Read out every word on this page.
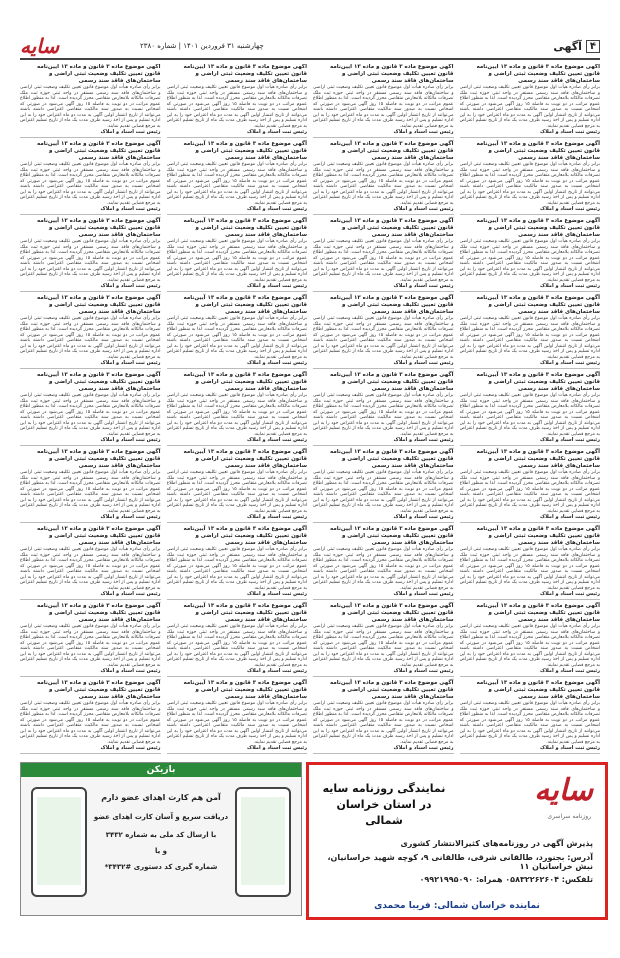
۴
آگهی
چهارشنبه ۳۱ فروردین ۱۴۰۱ | شماره ۲۳۸۰
سایه
آگهی موضوع ماده ۳ قانون و ماده ۱۳ آیین‌نامه قانون تعیین تکلیف وضعیت ثبتی اراضی و ساختمان‌های فاقد سند رسمی
برابر رأی صادره هیأت اول موضوع قانون تعیین تکلیف وضعیت ثبتی اراضی و ساختمان‌های فاقد سند رسمی مستقر در واحد ثبتی حوزه ثبت ملک تصرفات مالکانه بلامعارض متقاضی محرز گردیده است. لذا به منظور اطلاع عموم مراتب در دو نوبت به فاصله ۱۵ روز آگهی می‌شود در صورتی که اشخاص نسبت به صدور سند مالکیت متقاضی اعتراضی داشته باشند می‌توانند از تاریخ انتشار اولین آگهی به مدت دو ماه اعتراض خود را به این اداره تسلیم و پس از اخذ رسید ظرف مدت یک ماه از تاریخ تسلیم اعتراض به مرجع قضایی تقدیم نمایند.
رئیس ثبت اسناد و املاک
آگهی موضوع ماده ۳ قانون و ماده ۱۳ آیین‌نامه قانون تعیین تکلیف وضعیت ثبتی اراضی و ساختمان‌های فاقد سند رسمی
برابر رأی صادره هیأت اول موضوع قانون تعیین تکلیف وضعیت ثبتی اراضی و ساختمان‌های فاقد سند رسمی مستقر در واحد ثبتی حوزه ثبت ملک تصرفات مالکانه بلامعارض متقاضی محرز گردیده است. لذا به منظور اطلاع عموم مراتب در دو نوبت به فاصله ۱۵ روز آگهی می‌شود در صورتی که اشخاص نسبت به صدور سند مالکیت متقاضی اعتراضی داشته باشند می‌توانند از تاریخ انتشار اولین آگهی به مدت دو ماه اعتراض خود را به این اداره تسلیم و پس از اخذ رسید ظرف مدت یک ماه از تاریخ تسلیم اعتراض به مرجع قضایی تقدیم نمایند.
رئیس ثبت اسناد و املاک
آگهی موضوع ماده ۳ قانون و ماده ۱۳ آیین‌نامه قانون تعیین تکلیف وضعیت ثبتی اراضی و ساختمان‌های فاقد سند رسمی
برابر رأی صادره هیأت اول موضوع قانون تعیین تکلیف وضعیت ثبتی اراضی و ساختمان‌های فاقد سند رسمی مستقر در واحد ثبتی حوزه ثبت ملک تصرفات مالکانه بلامعارض متقاضی محرز گردیده است. لذا به منظور اطلاع عموم مراتب در دو نوبت به فاصله ۱۵ روز آگهی می‌شود در صورتی که اشخاص نسبت به صدور سند مالکیت متقاضی اعتراضی داشته باشند می‌توانند از تاریخ انتشار اولین آگهی به مدت دو ماه اعتراض خود را به این اداره تسلیم و پس از اخذ رسید ظرف مدت یک ماه از تاریخ تسلیم اعتراض به مرجع قضایی تقدیم نمایند.
رئیس ثبت اسناد و املاک
آگهی موضوع ماده ۳ قانون و ماده ۱۳ آیین‌نامه قانون تعیین تکلیف وضعیت ثبتی اراضی و ساختمان‌های فاقد سند رسمی
برابر رأی صادره هیأت اول موضوع قانون تعیین تکلیف وضعیت ثبتی اراضی و ساختمان‌های فاقد سند رسمی مستقر در واحد ثبتی حوزه ثبت ملک تصرفات مالکانه بلامعارض متقاضی محرز گردیده است. لذا به منظور اطلاع عموم مراتب در دو نوبت به فاصله ۱۵ روز آگهی می‌شود در صورتی که اشخاص نسبت به صدور سند مالکیت متقاضی اعتراضی داشته باشند می‌توانند از تاریخ انتشار اولین آگهی به مدت دو ماه اعتراض خود را به این اداره تسلیم و پس از اخذ رسید ظرف مدت یک ماه از تاریخ تسلیم اعتراض به مرجع قضایی تقدیم نمایند.
رئیس ثبت اسناد و املاک
آگهی موضوع ماده ۳ قانون و ماده ۱۳ آیین‌نامه قانون تعیین تکلیف وضعیت ثبتی اراضی و ساختمان‌های فاقد سند رسمی
برابر رأی صادره هیأت اول موضوع قانون تعیین تکلیف وضعیت ثبتی اراضی و ساختمان‌های فاقد سند رسمی مستقر در واحد ثبتی حوزه ثبت ملک تصرفات مالکانه بلامعارض متقاضی محرز گردیده است. لذا به منظور اطلاع عموم مراتب در دو نوبت به فاصله ۱۵ روز آگهی می‌شود در صورتی که اشخاص نسبت به صدور سند مالکیت متقاضی اعتراضی داشته باشند می‌توانند از تاریخ انتشار اولین آگهی به مدت دو ماه اعتراض خود را به این اداره تسلیم و پس از اخذ رسید ظرف مدت یک ماه از تاریخ تسلیم اعتراض به مرجع قضایی تقدیم نمایند.
رئیس ثبت اسناد و املاک
آگهی موضوع ماده ۳ قانون و ماده ۱۳ آیین‌نامه قانون تعیین تکلیف وضعیت ثبتی اراضی و ساختمان‌های فاقد سند رسمی
برابر رأی صادره هیأت اول موضوع قانون تعیین تکلیف وضعیت ثبتی اراضی و ساختمان‌های فاقد سند رسمی مستقر در واحد ثبتی حوزه ثبت ملک تصرفات مالکانه بلامعارض متقاضی محرز گردیده است. لذا به منظور اطلاع عموم مراتب در دو نوبت به فاصله ۱۵ روز آگهی می‌شود در صورتی که اشخاص نسبت به صدور سند مالکیت متقاضی اعتراضی داشته باشند می‌توانند از تاریخ انتشار اولین آگهی به مدت دو ماه اعتراض خود را به این اداره تسلیم و پس از اخذ رسید ظرف مدت یک ماه از تاریخ تسلیم اعتراض به مرجع قضایی تقدیم نمایند.
رئیس ثبت اسناد و املاک
آگهی موضوع ماده ۳ قانون و ماده ۱۳ آیین‌نامه قانون تعیین تکلیف وضعیت ثبتی اراضی و ساختمان‌های فاقد سند رسمی
برابر رأی صادره هیأت اول موضوع قانون تعیین تکلیف وضعیت ثبتی اراضی و ساختمان‌های فاقد سند رسمی مستقر در واحد ثبتی حوزه ثبت ملک تصرفات مالکانه بلامعارض متقاضی محرز گردیده است. لذا به منظور اطلاع عموم مراتب در دو نوبت به فاصله ۱۵ روز آگهی می‌شود در صورتی که اشخاص نسبت به صدور سند مالکیت متقاضی اعتراضی داشته باشند می‌توانند از تاریخ انتشار اولین آگهی به مدت دو ماه اعتراض خود را به این اداره تسلیم و پس از اخذ رسید ظرف مدت یک ماه از تاریخ تسلیم اعتراض به مرجع قضایی تقدیم نمایند.
رئیس ثبت اسناد و املاک
آگهی موضوع ماده ۳ قانون و ماده ۱۳ آیین‌نامه قانون تعیین تکلیف وضعیت ثبتی اراضی و ساختمان‌های فاقد سند رسمی
برابر رأی صادره هیأت اول موضوع قانون تعیین تکلیف وضعیت ثبتی اراضی و ساختمان‌های فاقد سند رسمی مستقر در واحد ثبتی حوزه ثبت ملک تصرفات مالکانه بلامعارض متقاضی محرز گردیده است. لذا به منظور اطلاع عموم مراتب در دو نوبت به فاصله ۱۵ روز آگهی می‌شود در صورتی که اشخاص نسبت به صدور سند مالکیت متقاضی اعتراضی داشته باشند می‌توانند از تاریخ انتشار اولین آگهی به مدت دو ماه اعتراض خود را به این اداره تسلیم و پس از اخذ رسید ظرف مدت یک ماه از تاریخ تسلیم اعتراض به مرجع قضایی تقدیم نمایند.
رئیس ثبت اسناد و املاک
آگهی موضوع ماده ۳ قانون و ماده ۱۳ آیین‌نامه قانون تعیین تکلیف وضعیت ثبتی اراضی و ساختمان‌های فاقد سند رسمی
برابر رأی صادره هیأت اول موضوع قانون تعیین تکلیف وضعیت ثبتی اراضی و ساختمان‌های فاقد سند رسمی مستقر در واحد ثبتی حوزه ثبت ملک تصرفات مالکانه بلامعارض متقاضی محرز گردیده است. لذا به منظور اطلاع عموم مراتب در دو نوبت به فاصله ۱۵ روز آگهی می‌شود در صورتی که اشخاص نسبت به صدور سند مالکیت متقاضی اعتراضی داشته باشند می‌توانند از تاریخ انتشار اولین آگهی به مدت دو ماه اعتراض خود را به این اداره تسلیم و پس از اخذ رسید ظرف مدت یک ماه از تاریخ تسلیم اعتراض به مرجع قضایی تقدیم نمایند.
رئیس ثبت اسناد و املاک
آگهی موضوع ماده ۳ قانون و ماده ۱۳ آیین‌نامه قانون تعیین تکلیف وضعیت ثبتی اراضی و ساختمان‌های فاقد سند رسمی
برابر رأی صادره هیأت اول موضوع قانون تعیین تکلیف وضعیت ثبتی اراضی و ساختمان‌های فاقد سند رسمی مستقر در واحد ثبتی حوزه ثبت ملک تصرفات مالکانه بلامعارض متقاضی محرز گردیده است. لذا به منظور اطلاع عموم مراتب در دو نوبت به فاصله ۱۵ روز آگهی می‌شود در صورتی که اشخاص نسبت به صدور سند مالکیت متقاضی اعتراضی داشته باشند می‌توانند از تاریخ انتشار اولین آگهی به مدت دو ماه اعتراض خود را به این اداره تسلیم و پس از اخذ رسید ظرف مدت یک ماه از تاریخ تسلیم اعتراض به مرجع قضایی تقدیم نمایند.
رئیس ثبت اسناد و املاک
آگهی موضوع ماده ۳ قانون و ماده ۱۳ آیین‌نامه قانون تعیین تکلیف وضعیت ثبتی اراضی و ساختمان‌های فاقد سند رسمی
برابر رأی صادره هیأت اول موضوع قانون تعیین تکلیف وضعیت ثبتی اراضی و ساختمان‌های فاقد سند رسمی مستقر در واحد ثبتی حوزه ثبت ملک تصرفات مالکانه بلامعارض متقاضی محرز گردیده است. لذا به منظور اطلاع عموم مراتب در دو نوبت به فاصله ۱۵ روز آگهی می‌شود در صورتی که اشخاص نسبت به صدور سند مالکیت متقاضی اعتراضی داشته باشند می‌توانند از تاریخ انتشار اولین آگهی به مدت دو ماه اعتراض خود را به این اداره تسلیم و پس از اخذ رسید ظرف مدت یک ماه از تاریخ تسلیم اعتراض به مرجع قضایی تقدیم نمایند.
رئیس ثبت اسناد و املاک
آگهی موضوع ماده ۳ قانون و ماده ۱۳ آیین‌نامه قانون تعیین تکلیف وضعیت ثبتی اراضی و ساختمان‌های فاقد سند رسمی
برابر رأی صادره هیأت اول موضوع قانون تعیین تکلیف وضعیت ثبتی اراضی و ساختمان‌های فاقد سند رسمی مستقر در واحد ثبتی حوزه ثبت ملک تصرفات مالکانه بلامعارض متقاضی محرز گردیده است. لذا به منظور اطلاع عموم مراتب در دو نوبت به فاصله ۱۵ روز آگهی می‌شود در صورتی که اشخاص نسبت به صدور سند مالکیت متقاضی اعتراضی داشته باشند می‌توانند از تاریخ انتشار اولین آگهی به مدت دو ماه اعتراض خود را به این اداره تسلیم و پس از اخذ رسید ظرف مدت یک ماه از تاریخ تسلیم اعتراض به مرجع قضایی تقدیم نمایند.
رئیس ثبت اسناد و املاک
آگهی موضوع ماده ۳ قانون و ماده ۱۳ آیین‌نامه قانون تعیین تکلیف وضعیت ثبتی اراضی و ساختمان‌های فاقد سند رسمی
برابر رأی صادره هیأت اول موضوع قانون تعیین تکلیف وضعیت ثبتی اراضی و ساختمان‌های فاقد سند رسمی مستقر در واحد ثبتی حوزه ثبت ملک تصرفات مالکانه بلامعارض متقاضی محرز گردیده است. لذا به منظور اطلاع عموم مراتب در دو نوبت به فاصله ۱۵ روز آگهی می‌شود در صورتی که اشخاص نسبت به صدور سند مالکیت متقاضی اعتراضی داشته باشند می‌توانند از تاریخ انتشار اولین آگهی به مدت دو ماه اعتراض خود را به این اداره تسلیم و پس از اخذ رسید ظرف مدت یک ماه از تاریخ تسلیم اعتراض به مرجع قضایی تقدیم نمایند.
رئیس ثبت اسناد و املاک
آگهی موضوع ماده ۳ قانون و ماده ۱۳ آیین‌نامه قانون تعیین تکلیف وضعیت ثبتی اراضی و ساختمان‌های فاقد سند رسمی
برابر رأی صادره هیأت اول موضوع قانون تعیین تکلیف وضعیت ثبتی اراضی و ساختمان‌های فاقد سند رسمی مستقر در واحد ثبتی حوزه ثبت ملک تصرفات مالکانه بلامعارض متقاضی محرز گردیده است. لذا به منظور اطلاع عموم مراتب در دو نوبت به فاصله ۱۵ روز آگهی می‌شود در صورتی که اشخاص نسبت به صدور سند مالکیت متقاضی اعتراضی داشته باشند می‌توانند از تاریخ انتشار اولین آگهی به مدت دو ماه اعتراض خود را به این اداره تسلیم و پس از اخذ رسید ظرف مدت یک ماه از تاریخ تسلیم اعتراض به مرجع قضایی تقدیم نمایند.
رئیس ثبت اسناد و املاک
آگهی موضوع ماده ۳ قانون و ماده ۱۳ آیین‌نامه قانون تعیین تکلیف وضعیت ثبتی اراضی و ساختمان‌های فاقد سند رسمی
برابر رأی صادره هیأت اول موضوع قانون تعیین تکلیف وضعیت ثبتی اراضی و ساختمان‌های فاقد سند رسمی مستقر در واحد ثبتی حوزه ثبت ملک تصرفات مالکانه بلامعارض متقاضی محرز گردیده است. لذا به منظور اطلاع عموم مراتب در دو نوبت به فاصله ۱۵ روز آگهی می‌شود در صورتی که اشخاص نسبت به صدور سند مالکیت متقاضی اعتراضی داشته باشند می‌توانند از تاریخ انتشار اولین آگهی به مدت دو ماه اعتراض خود را به این اداره تسلیم و پس از اخذ رسید ظرف مدت یک ماه از تاریخ تسلیم اعتراض به مرجع قضایی تقدیم نمایند.
رئیس ثبت اسناد و املاک
آگهی موضوع ماده ۳ قانون و ماده ۱۳ آیین‌نامه قانون تعیین تکلیف وضعیت ثبتی اراضی و ساختمان‌های فاقد سند رسمی
برابر رأی صادره هیأت اول موضوع قانون تعیین تکلیف وضعیت ثبتی اراضی و ساختمان‌های فاقد سند رسمی مستقر در واحد ثبتی حوزه ثبت ملک تصرفات مالکانه بلامعارض متقاضی محرز گردیده است. لذا به منظور اطلاع عموم مراتب در دو نوبت به فاصله ۱۵ روز آگهی می‌شود در صورتی که اشخاص نسبت به صدور سند مالکیت متقاضی اعتراضی داشته باشند می‌توانند از تاریخ انتشار اولین آگهی به مدت دو ماه اعتراض خود را به این اداره تسلیم و پس از اخذ رسید ظرف مدت یک ماه از تاریخ تسلیم اعتراض به مرجع قضایی تقدیم نمایند.
رئیس ثبت اسناد و املاک
آگهی موضوع ماده ۳ قانون و ماده ۱۳ آیین‌نامه قانون تعیین تکلیف وضعیت ثبتی اراضی و ساختمان‌های فاقد سند رسمی
برابر رأی صادره هیأت اول موضوع قانون تعیین تکلیف وضعیت ثبتی اراضی و ساختمان‌های فاقد سند رسمی مستقر در واحد ثبتی حوزه ثبت ملک تصرفات مالکانه بلامعارض متقاضی محرز گردیده است. لذا به منظور اطلاع عموم مراتب در دو نوبت به فاصله ۱۵ روز آگهی می‌شود در صورتی که اشخاص نسبت به صدور سند مالکیت متقاضی اعتراضی داشته باشند می‌توانند از تاریخ انتشار اولین آگهی به مدت دو ماه اعتراض خود را به این اداره تسلیم و پس از اخذ رسید ظرف مدت یک ماه از تاریخ تسلیم اعتراض به مرجع قضایی تقدیم نمایند.
رئیس ثبت اسناد و املاک
آگهی موضوع ماده ۳ قانون و ماده ۱۳ آیین‌نامه قانون تعیین تکلیف وضعیت ثبتی اراضی و ساختمان‌های فاقد سند رسمی
برابر رأی صادره هیأت اول موضوع قانون تعیین تکلیف وضعیت ثبتی اراضی و ساختمان‌های فاقد سند رسمی مستقر در واحد ثبتی حوزه ثبت ملک تصرفات مالکانه بلامعارض متقاضی محرز گردیده است. لذا به منظور اطلاع عموم مراتب در دو نوبت به فاصله ۱۵ روز آگهی می‌شود در صورتی که اشخاص نسبت به صدور سند مالکیت متقاضی اعتراضی داشته باشند می‌توانند از تاریخ انتشار اولین آگهی به مدت دو ماه اعتراض خود را به این اداره تسلیم و پس از اخذ رسید ظرف مدت یک ماه از تاریخ تسلیم اعتراض به مرجع قضایی تقدیم نمایند.
رئیس ثبت اسناد و املاک
آگهی موضوع ماده ۳ قانون و ماده ۱۳ آیین‌نامه قانون تعیین تکلیف وضعیت ثبتی اراضی و ساختمان‌های فاقد سند رسمی
برابر رأی صادره هیأت اول موضوع قانون تعیین تکلیف وضعیت ثبتی اراضی و ساختمان‌های فاقد سند رسمی مستقر در واحد ثبتی حوزه ثبت ملک تصرفات مالکانه بلامعارض متقاضی محرز گردیده است. لذا به منظور اطلاع عموم مراتب در دو نوبت به فاصله ۱۵ روز آگهی می‌شود در صورتی که اشخاص نسبت به صدور سند مالکیت متقاضی اعتراضی داشته باشند می‌توانند از تاریخ انتشار اولین آگهی به مدت دو ماه اعتراض خود را به این اداره تسلیم و پس از اخذ رسید ظرف مدت یک ماه از تاریخ تسلیم اعتراض به مرجع قضایی تقدیم نمایند.
رئیس ثبت اسناد و املاک
آگهی موضوع ماده ۳ قانون و ماده ۱۳ آیین‌نامه قانون تعیین تکلیف وضعیت ثبتی اراضی و ساختمان‌های فاقد سند رسمی
برابر رأی صادره هیأت اول موضوع قانون تعیین تکلیف وضعیت ثبتی اراضی و ساختمان‌های فاقد سند رسمی مستقر در واحد ثبتی حوزه ثبت ملک تصرفات مالکانه بلامعارض متقاضی محرز گردیده است. لذا به منظور اطلاع عموم مراتب در دو نوبت به فاصله ۱۵ روز آگهی می‌شود در صورتی که اشخاص نسبت به صدور سند مالکیت متقاضی اعتراضی داشته باشند می‌توانند از تاریخ انتشار اولین آگهی به مدت دو ماه اعتراض خود را به این اداره تسلیم و پس از اخذ رسید ظرف مدت یک ماه از تاریخ تسلیم اعتراض به مرجع قضایی تقدیم نمایند.
رئیس ثبت اسناد و املاک
آگهی موضوع ماده ۳ قانون و ماده ۱۳ آیین‌نامه قانون تعیین تکلیف وضعیت ثبتی اراضی و ساختمان‌های فاقد سند رسمی
برابر رأی صادره هیأت اول موضوع قانون تعیین تکلیف وضعیت ثبتی اراضی و ساختمان‌های فاقد سند رسمی مستقر در واحد ثبتی حوزه ثبت ملک تصرفات مالکانه بلامعارض متقاضی محرز گردیده است. لذا به منظور اطلاع عموم مراتب در دو نوبت به فاصله ۱۵ روز آگهی می‌شود در صورتی که اشخاص نسبت به صدور سند مالکیت متقاضی اعتراضی داشته باشند می‌توانند از تاریخ انتشار اولین آگهی به مدت دو ماه اعتراض خود را به این اداره تسلیم و پس از اخذ رسید ظرف مدت یک ماه از تاریخ تسلیم اعتراض به مرجع قضایی تقدیم نمایند.
رئیس ثبت اسناد و املاک
آگهی موضوع ماده ۳ قانون و ماده ۱۳ آیین‌نامه قانون تعیین تکلیف وضعیت ثبتی اراضی و ساختمان‌های فاقد سند رسمی
برابر رأی صادره هیأت اول موضوع قانون تعیین تکلیف وضعیت ثبتی اراضی و ساختمان‌های فاقد سند رسمی مستقر در واحد ثبتی حوزه ثبت ملک تصرفات مالکانه بلامعارض متقاضی محرز گردیده است. لذا به منظور اطلاع عموم مراتب در دو نوبت به فاصله ۱۵ روز آگهی می‌شود در صورتی که اشخاص نسبت به صدور سند مالکیت متقاضی اعتراضی داشته باشند می‌توانند از تاریخ انتشار اولین آگهی به مدت دو ماه اعتراض خود را به این اداره تسلیم و پس از اخذ رسید ظرف مدت یک ماه از تاریخ تسلیم اعتراض به مرجع قضایی تقدیم نمایند.
رئیس ثبت اسناد و املاک
آگهی موضوع ماده ۳ قانون و ماده ۱۳ آیین‌نامه قانون تعیین تکلیف وضعیت ثبتی اراضی و ساختمان‌های فاقد سند رسمی
برابر رأی صادره هیأت اول موضوع قانون تعیین تکلیف وضعیت ثبتی اراضی و ساختمان‌های فاقد سند رسمی مستقر در واحد ثبتی حوزه ثبت ملک تصرفات مالکانه بلامعارض متقاضی محرز گردیده است. لذا به منظور اطلاع عموم مراتب در دو نوبت به فاصله ۱۵ روز آگهی می‌شود در صورتی که اشخاص نسبت به صدور سند مالکیت متقاضی اعتراضی داشته باشند می‌توانند از تاریخ انتشار اولین آگهی به مدت دو ماه اعتراض خود را به این اداره تسلیم و پس از اخذ رسید ظرف مدت یک ماه از تاریخ تسلیم اعتراض به مرجع قضایی تقدیم نمایند.
رئیس ثبت اسناد و املاک
آگهی موضوع ماده ۳ قانون و ماده ۱۳ آیین‌نامه قانون تعیین تکلیف وضعیت ثبتی اراضی و ساختمان‌های فاقد سند رسمی
برابر رأی صادره هیأت اول موضوع قانون تعیین تکلیف وضعیت ثبتی اراضی و ساختمان‌های فاقد سند رسمی مستقر در واحد ثبتی حوزه ثبت ملک تصرفات مالکانه بلامعارض متقاضی محرز گردیده است. لذا به منظور اطلاع عموم مراتب در دو نوبت به فاصله ۱۵ روز آگهی می‌شود در صورتی که اشخاص نسبت به صدور سند مالکیت متقاضی اعتراضی داشته باشند می‌توانند از تاریخ انتشار اولین آگهی به مدت دو ماه اعتراض خود را به این اداره تسلیم و پس از اخذ رسید ظرف مدت یک ماه از تاریخ تسلیم اعتراض به مرجع قضایی تقدیم نمایند.
رئیس ثبت اسناد و املاک
آگهی موضوع ماده ۳ قانون و ماده ۱۳ آیین‌نامه قانون تعیین تکلیف وضعیت ثبتی اراضی و ساختمان‌های فاقد سند رسمی
برابر رأی صادره هیأت اول موضوع قانون تعیین تکلیف وضعیت ثبتی اراضی و ساختمان‌های فاقد سند رسمی مستقر در واحد ثبتی حوزه ثبت ملک تصرفات مالکانه بلامعارض متقاضی محرز گردیده است. لذا به منظور اطلاع عموم مراتب در دو نوبت به فاصله ۱۵ روز آگهی می‌شود در صورتی که اشخاص نسبت به صدور سند مالکیت متقاضی اعتراضی داشته باشند می‌توانند از تاریخ انتشار اولین آگهی به مدت دو ماه اعتراض خود را به این اداره تسلیم و پس از اخذ رسید ظرف مدت یک ماه از تاریخ تسلیم اعتراض به مرجع قضایی تقدیم نمایند.
رئیس ثبت اسناد و املاک
آگهی موضوع ماده ۳ قانون و ماده ۱۳ آیین‌نامه قانون تعیین تکلیف وضعیت ثبتی اراضی و ساختمان‌های فاقد سند رسمی
برابر رأی صادره هیأت اول موضوع قانون تعیین تکلیف وضعیت ثبتی اراضی و ساختمان‌های فاقد سند رسمی مستقر در واحد ثبتی حوزه ثبت ملک تصرفات مالکانه بلامعارض متقاضی محرز گردیده است. لذا به منظور اطلاع عموم مراتب در دو نوبت به فاصله ۱۵ روز آگهی می‌شود در صورتی که اشخاص نسبت به صدور سند مالکیت متقاضی اعتراضی داشته باشند می‌توانند از تاریخ انتشار اولین آگهی به مدت دو ماه اعتراض خود را به این اداره تسلیم و پس از اخذ رسید ظرف مدت یک ماه از تاریخ تسلیم اعتراض به مرجع قضایی تقدیم نمایند.
رئیس ثبت اسناد و املاک
آگهی موضوع ماده ۳ قانون و ماده ۱۳ آیین‌نامه قانون تعیین تکلیف وضعیت ثبتی اراضی و ساختمان‌های فاقد سند رسمی
برابر رأی صادره هیأت اول موضوع قانون تعیین تکلیف وضعیت ثبتی اراضی و ساختمان‌های فاقد سند رسمی مستقر در واحد ثبتی حوزه ثبت ملک تصرفات مالکانه بلامعارض متقاضی محرز گردیده است. لذا به منظور اطلاع عموم مراتب در دو نوبت به فاصله ۱۵ روز آگهی می‌شود در صورتی که اشخاص نسبت به صدور سند مالکیت متقاضی اعتراضی داشته باشند می‌توانند از تاریخ انتشار اولین آگهی به مدت دو ماه اعتراض خود را به این اداره تسلیم و پس از اخذ رسید ظرف مدت یک ماه از تاریخ تسلیم اعتراض به مرجع قضایی تقدیم نمایند.
رئیس ثبت اسناد و املاک
آگهی موضوع ماده ۳ قانون و ماده ۱۳ آیین‌نامه قانون تعیین تکلیف وضعیت ثبتی اراضی و ساختمان‌های فاقد سند رسمی
برابر رأی صادره هیأت اول موضوع قانون تعیین تکلیف وضعیت ثبتی اراضی و ساختمان‌های فاقد سند رسمی مستقر در واحد ثبتی حوزه ثبت ملک تصرفات مالکانه بلامعارض متقاضی محرز گردیده است. لذا به منظور اطلاع عموم مراتب در دو نوبت به فاصله ۱۵ روز آگهی می‌شود در صورتی که اشخاص نسبت به صدور سند مالکیت متقاضی اعتراضی داشته باشند می‌توانند از تاریخ انتشار اولین آگهی به مدت دو ماه اعتراض خود را به این اداره تسلیم و پس از اخذ رسید ظرف مدت یک ماه از تاریخ تسلیم اعتراض به مرجع قضایی تقدیم نمایند.
رئیس ثبت اسناد و املاک
آگهی موضوع ماده ۳ قانون و ماده ۱۳ آیین‌نامه قانون تعیین تکلیف وضعیت ثبتی اراضی و ساختمان‌های فاقد سند رسمی
برابر رأی صادره هیأت اول موضوع قانون تعیین تکلیف وضعیت ثبتی اراضی و ساختمان‌های فاقد سند رسمی مستقر در واحد ثبتی حوزه ثبت ملک تصرفات مالکانه بلامعارض متقاضی محرز گردیده است. لذا به منظور اطلاع عموم مراتب در دو نوبت به فاصله ۱۵ روز آگهی می‌شود در صورتی که اشخاص نسبت به صدور سند مالکیت متقاضی اعتراضی داشته باشند می‌توانند از تاریخ انتشار اولین آگهی به مدت دو ماه اعتراض خود را به این اداره تسلیم و پس از اخذ رسید ظرف مدت یک ماه از تاریخ تسلیم اعتراض به مرجع قضایی تقدیم نمایند.
رئیس ثبت اسناد و املاک
آگهی موضوع ماده ۳ قانون و ماده ۱۳ آیین‌نامه قانون تعیین تکلیف وضعیت ثبتی اراضی و ساختمان‌های فاقد سند رسمی
برابر رأی صادره هیأت اول موضوع قانون تعیین تکلیف وضعیت ثبتی اراضی و ساختمان‌های فاقد سند رسمی مستقر در واحد ثبتی حوزه ثبت ملک تصرفات مالکانه بلامعارض متقاضی محرز گردیده است. لذا به منظور اطلاع عموم مراتب در دو نوبت به فاصله ۱۵ روز آگهی می‌شود در صورتی که اشخاص نسبت به صدور سند مالکیت متقاضی اعتراضی داشته باشند می‌توانند از تاریخ انتشار اولین آگهی به مدت دو ماه اعتراض خود را به این اداره تسلیم و پس از اخذ رسید ظرف مدت یک ماه از تاریخ تسلیم اعتراض به مرجع قضایی تقدیم نمایند.
رئیس ثبت اسناد و املاک
آگهی موضوع ماده ۳ قانون و ماده ۱۳ آیین‌نامه قانون تعیین تکلیف وضعیت ثبتی اراضی و ساختمان‌های فاقد سند رسمی
برابر رأی صادره هیأت اول موضوع قانون تعیین تکلیف وضعیت ثبتی اراضی و ساختمان‌های فاقد سند رسمی مستقر در واحد ثبتی حوزه ثبت ملک تصرفات مالکانه بلامعارض متقاضی محرز گردیده است. لذا به منظور اطلاع عموم مراتب در دو نوبت به فاصله ۱۵ روز آگهی می‌شود در صورتی که اشخاص نسبت به صدور سند مالکیت متقاضی اعتراضی داشته باشند می‌توانند از تاریخ انتشار اولین آگهی به مدت دو ماه اعتراض خود را به این اداره تسلیم و پس از اخذ رسید ظرف مدت یک ماه از تاریخ تسلیم اعتراض به مرجع قضایی تقدیم نمایند.
رئیس ثبت اسناد و املاک
آگهی موضوع ماده ۳ قانون و ماده ۱۳ آیین‌نامه قانون تعیین تکلیف وضعیت ثبتی اراضی و ساختمان‌های فاقد سند رسمی
برابر رأی صادره هیأت اول موضوع قانون تعیین تکلیف وضعیت ثبتی اراضی و ساختمان‌های فاقد سند رسمی مستقر در واحد ثبتی حوزه ثبت ملک تصرفات مالکانه بلامعارض متقاضی محرز گردیده است. لذا به منظور اطلاع عموم مراتب در دو نوبت به فاصله ۱۵ روز آگهی می‌شود در صورتی که اشخاص نسبت به صدور سند مالکیت متقاضی اعتراضی داشته باشند می‌توانند از تاریخ انتشار اولین آگهی به مدت دو ماه اعتراض خود را به این اداره تسلیم و پس از اخذ رسید ظرف مدت یک ماه از تاریخ تسلیم اعتراض به مرجع قضایی تقدیم نمایند.
رئیس ثبت اسناد و املاک
آگهی موضوع ماده ۳ قانون و ماده ۱۳ آیین‌نامه قانون تعیین تکلیف وضعیت ثبتی اراضی و ساختمان‌های فاقد سند رسمی
برابر رأی صادره هیأت اول موضوع قانون تعیین تکلیف وضعیت ثبتی اراضی و ساختمان‌های فاقد سند رسمی مستقر در واحد ثبتی حوزه ثبت ملک تصرفات مالکانه بلامعارض متقاضی محرز گردیده است. لذا به منظور اطلاع عموم مراتب در دو نوبت به فاصله ۱۵ روز آگهی می‌شود در صورتی که اشخاص نسبت به صدور سند مالکیت متقاضی اعتراضی داشته باشند می‌توانند از تاریخ انتشار اولین آگهی به مدت دو ماه اعتراض خود را به این اداره تسلیم و پس از اخذ رسید ظرف مدت یک ماه از تاریخ تسلیم اعتراض به مرجع قضایی تقدیم نمایند.
رئیس ثبت اسناد و املاک
آگهی موضوع ماده ۳ قانون و ماده ۱۳ آیین‌نامه قانون تعیین تکلیف وضعیت ثبتی اراضی و ساختمان‌های فاقد سند رسمی
برابر رأی صادره هیأت اول موضوع قانون تعیین تکلیف وضعیت ثبتی اراضی و ساختمان‌های فاقد سند رسمی مستقر در واحد ثبتی حوزه ثبت ملک تصرفات مالکانه بلامعارض متقاضی محرز گردیده است. لذا به منظور اطلاع عموم مراتب در دو نوبت به فاصله ۱۵ روز آگهی می‌شود در صورتی که اشخاص نسبت به صدور سند مالکیت متقاضی اعتراضی داشته باشند می‌توانند از تاریخ انتشار اولین آگهی به مدت دو ماه اعتراض خود را به این اداره تسلیم و پس از اخذ رسید ظرف مدت یک ماه از تاریخ تسلیم اعتراض به مرجع قضایی تقدیم نمایند.
رئیس ثبت اسناد و املاک
آگهی موضوع ماده ۳ قانون و ماده ۱۳ آیین‌نامه قانون تعیین تکلیف وضعیت ثبتی اراضی و ساختمان‌های فاقد سند رسمی
برابر رأی صادره هیأت اول موضوع قانون تعیین تکلیف وضعیت ثبتی اراضی و ساختمان‌های فاقد سند رسمی مستقر در واحد ثبتی حوزه ثبت ملک تصرفات مالکانه بلامعارض متقاضی محرز گردیده است. لذا به منظور اطلاع عموم مراتب در دو نوبت به فاصله ۱۵ روز آگهی می‌شود در صورتی که اشخاص نسبت به صدور سند مالکیت متقاضی اعتراضی داشته باشند می‌توانند از تاریخ انتشار اولین آگهی به مدت دو ماه اعتراض خود را به این اداره تسلیم و پس از اخذ رسید ظرف مدت یک ماه از تاریخ تسلیم اعتراض به مرجع قضایی تقدیم نمایند.
رئیس ثبت اسناد و املاک
آگهی موضوع ماده ۳ قانون و ماده ۱۳ آیین‌نامه قانون تعیین تکلیف وضعیت ثبتی اراضی و ساختمان‌های فاقد سند رسمی
برابر رأی صادره هیأت اول موضوع قانون تعیین تکلیف وضعیت ثبتی اراضی و ساختمان‌های فاقد سند رسمی مستقر در واحد ثبتی حوزه ثبت ملک تصرفات مالکانه بلامعارض متقاضی محرز گردیده است. لذا به منظور اطلاع عموم مراتب در دو نوبت به فاصله ۱۵ روز آگهی می‌شود در صورتی که اشخاص نسبت به صدور سند مالکیت متقاضی اعتراضی داشته باشند می‌توانند از تاریخ انتشار اولین آگهی به مدت دو ماه اعتراض خود را به این اداره تسلیم و پس از اخذ رسید ظرف مدت یک ماه از تاریخ تسلیم اعتراض به مرجع قضایی تقدیم نمایند.
رئیس ثبت اسناد و املاک
سایه
روزنامه سراسری
نمایندگی روزنامه سایه در استان خراسان شمالی
پذیرش آگهی در روزنامه‌های کثیرالانتشار کشوری
آدرس: بجنورد، طالقانی شرقی، طالقانی ۹، کوچه شهید خراسانیان، نبش خراسانیان ۱۱
تلفکس: ۰۵۸۳۲۲۶۲۶۰۴ همراه: ۰۹۹۲۱۹۹۵۰۹۰
نماینده خراسان شمالی: فریبا محمدی
بازیکن
آمن هم کارت اهدای عضو دارم
دریافت سریع و آسان کارت اهدای عضو
با ارسال کد ملی به شماره ۳۴۳۲
و یا
شماره گیری کد دستوری #۳۴۳۲*
